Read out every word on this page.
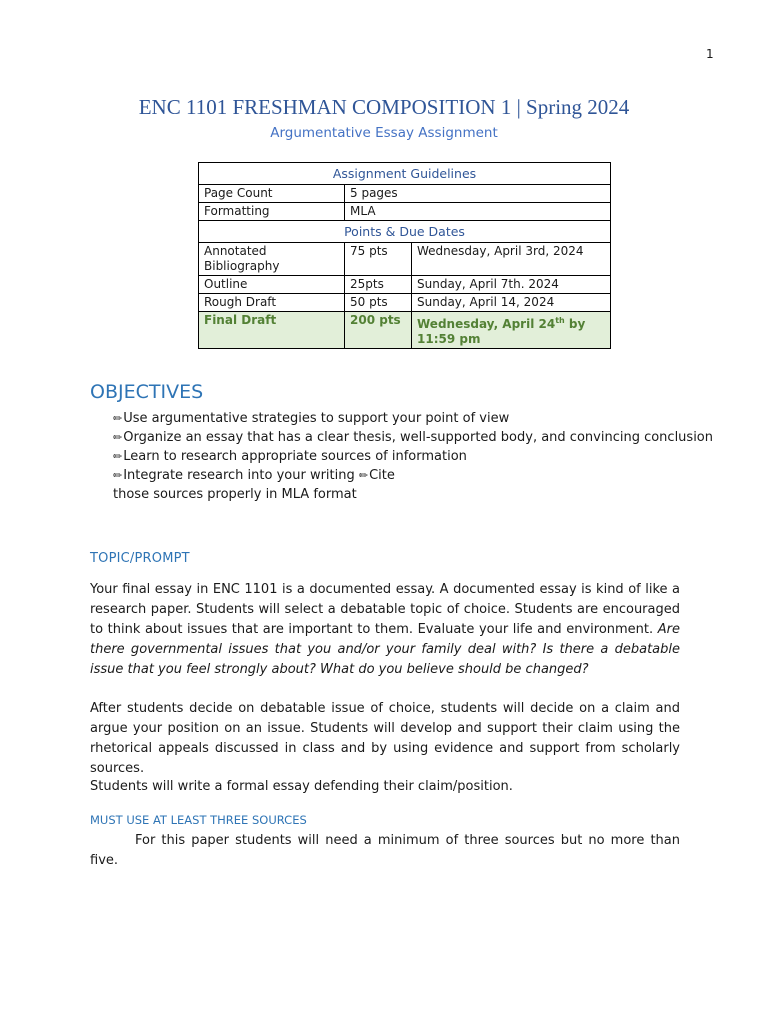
1
ENC 1101 FRESHMAN COMPOSITION 1 | Spring 2024
Argumentative Essay Assignment
Assignment Guidelines		
Page Count	5 pages	
Formatting	MLA	
Points & Due Dates		
Annotated Bibliography	75 pts	Wednesday, April 3rd, 2024
Outline	25pts	Sunday, April 7th. 2024
Rough Draft	50 pts	Sunday, April 14, 2024
Final Draft	200 pts	Wednesday, April 24th by 11:59 pm
OBJECTIVES
✏Use argumentative strategies to support your point of view
✏Organize an essay that has a clear thesis, well-supported body, and convincing conclusion
✏Learn to research appropriate sources of information
✏Integrate research into your writing ✏Cite
those sources properly in MLA format
TOPIC/PROMPT

Your final essay in ENC 1101 is a documented essay. A documented essay is kind of like a research paper. Students will select a debatable topic of choice. Students are encouraged to think about issues that are important to them. Evaluate your life and environment. Are there governmental issues that you and/or your family deal with? Is there a debatable issue that you feel strongly about? What do you believe should be changed?

After students decide on debatable issue of choice, students will decide on a claim and argue your position on an issue. Students will develop and support their claim using the rhetorical appeals discussed in class and by using evidence and support from scholarly sources.

Students will write a formal essay defending their claim/position.

MUST USE AT LEAST THREE SOURCES

For this paper students will need a minimum of three sources but no more than five.
